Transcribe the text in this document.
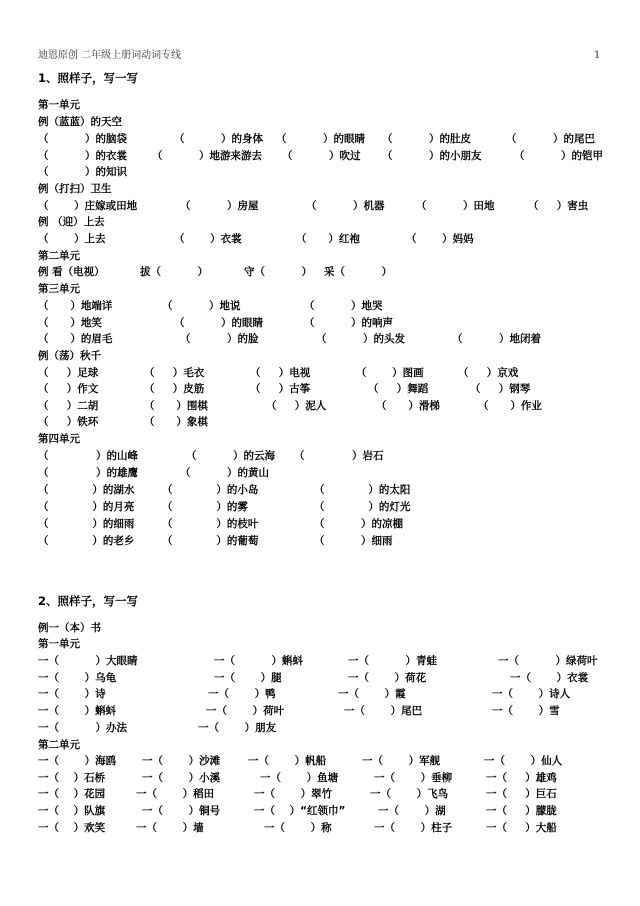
迪恩原创 二年级上册词动词专线	1
1、照样子，写一写
第一单元
例（蓝蓝）的天空
（          ）的脑袋	（          ）的身体 （          ）的眼睛 （          ）的肚皮	（          ）的尾巴
（          ）的衣裳 （          ）地游来游去 （          ）吹过 （          ）的小朋友	（          ）的铠甲
（          ）的知识
例（打扫）卫生
（       ）庄嫁或田地	（          ）房屋	（          ）机器	（          ）田地	（     ）害虫
例 （迎）上去
（       ）上去	（       ）衣裳	（      ）红袍	（       ）妈妈
第二单元
例 看（电视）	拔（          ）	守（          ） 采（          ）
第三单元
（      ）地端详	（          ）地说	（          ）地哭
（      ）地笑	（          ）的眼睛	（          ）的响声
（      ）的眉毛	（          ）的脸	（          ）的头发	（          ）地闭着
例（荡）秋千
（     ）足球	（     ）毛衣	（     ）电视	（       ）图画	（     ）京戏
（     ）作文	（     ）皮筋	（     ）古筝	（     ）舞蹈	（     ）钢琴
（     ）二胡	（      ）围棋	（     ）泥人	（      ）滑梯	（      ）作业
（     ）铁环	（      ）象棋
第四单元
（             ）的山峰	（          ）的云海 （             ）岩石
（             ）的雄鹰	（          ）的黄山
（            ）的湖水	（            ）的小岛	（            ）的太阳
（            ）的月亮	（            ）的雾	（            ）的灯光
（            ）的细雨	（            ）的枝叶	（          ）的凉棚
（            ）的老乡	（            ）的葡萄	（          ）细雨
2、照样子，写一写
例一（本）书
第一单元
一（          ）大眼睛	一（          ）蝌蚪	一（          ）青蛙	一（          ）绿荷叶
一（       ）乌龟	一（       ）腿	一（       ）荷花	一（       ）衣裳
一（       ）诗	一（       ）鸭	一（       ）霞	一（       ）诗人
一（       ）蝌蚪	一（       ）荷叶	一（       ）尾巴	一（       ）雪
一（          ）办法	一（       ）朋友
第二单元
一（       ）海鸥 一（       ）沙滩	一（       ）帆船	一（       ）军舰	一（       ）仙人
一（    ）石桥	一（       ）小溪	一（       ）鱼塘	一（       ）垂柳	一（     ）雄鸡
一（    ）花园	一（       ）稻田	一（       ）翠竹	一（       ）飞鸟	一（     ）巨石
一（    ）队旗	一（       ）铜号	一（    ）“红领巾”	一（       ）湖	一（     ）朦胧
一（    ）欢笑	一（       ）墙	一（       ）称	一（       ）柱子	一（     ）大船
